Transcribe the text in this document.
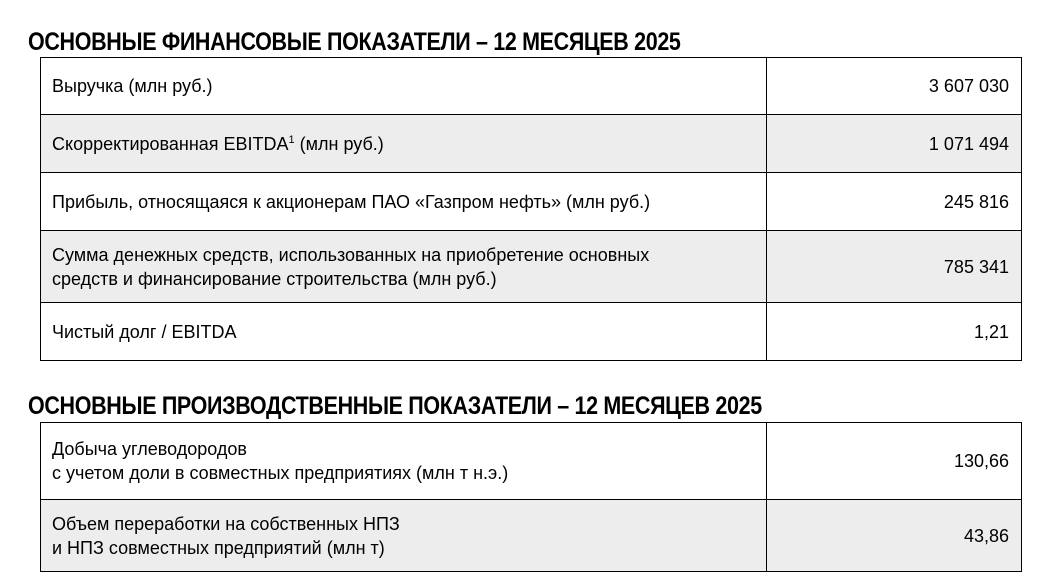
ОСНОВНЫЕ ФИНАНСОВЫЕ ПОКАЗАТЕЛИ – 12 МЕСЯЦЕВ 2025
Выручка (млн руб.)	3 607 030
Скорректированная EBITDA$^1$ (млн руб.)	1 071 494
Прибыль, относящаяся к акционерам ПАО «Газпром нефть» (млн руб.)	245 816
Сумма денежных средств, использованных на приобретение основных
средств и финансирование строительства (млн руб.)	785 341
Чистый долг / EBITDA	1,21
ОСНОВНЫЕ ПРОИЗВОДСТВЕННЫЕ ПОКАЗАТЕЛИ – 12 МЕСЯЦЕВ 2025
Добыча углеводородов
с учетом доли в совместных предприятиях (млн т н.э.)	130,66
Объем переработки на собственных НПЗ
и НПЗ совместных предприятий (млн т)	43,86
